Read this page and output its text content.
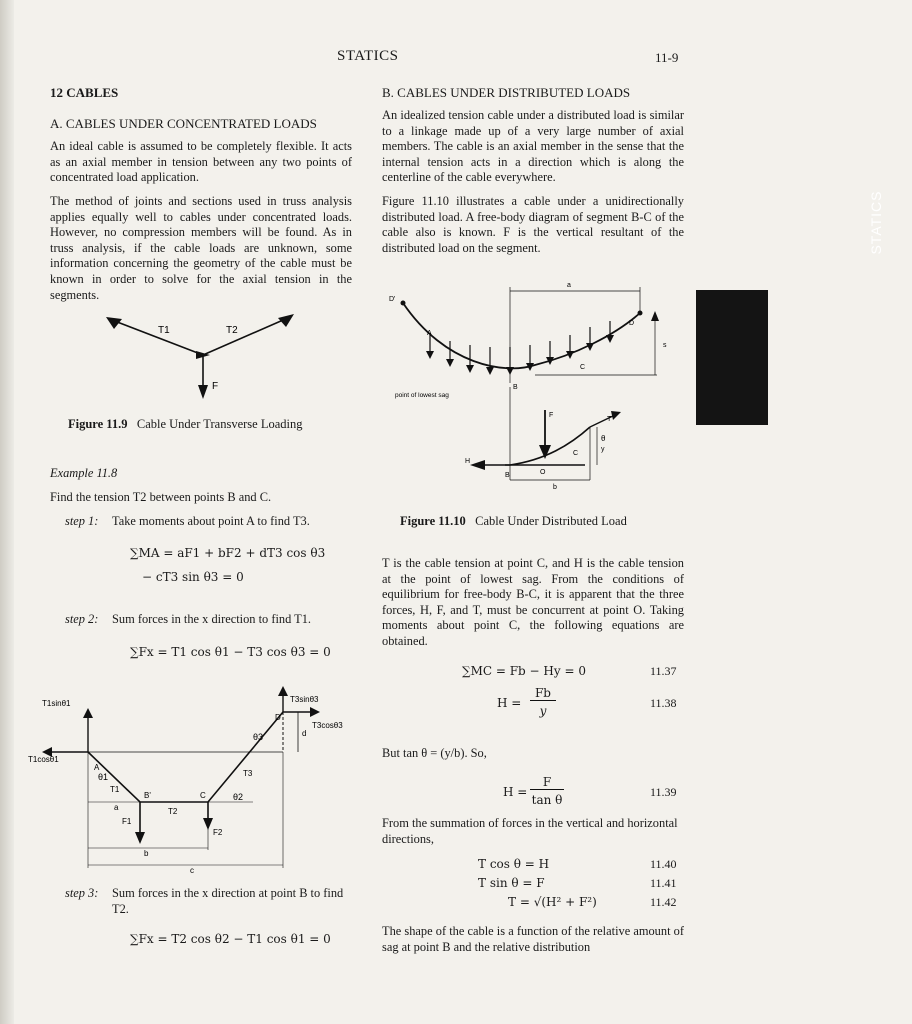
STATICS	11-9
STATICS
12 CABLES
A. CABLES UNDER CONCENTRATED LOADS
An ideal cable is assumed to be completely flexible. It acts as an axial member in tension between any two points of concentrated load application.
The method of joints and sections used in truss analysis applies equally well to cables under concentrated loads. However, no compression members will be found. As in truss analysis, if the cable loads are unknown, some information concerning the geometry of the cable must be known in order to solve for the axial tension in the segments.
T1	T2
F
Figure 11.9 Cable Under Transverse Loading
Example 11.8
Find the tension T2 between points B and C.
step 1: Take moments about point A to find T3.
∑MA = aF1 + bF2 + dT3 cos θ3
− cT3 sin θ3 = 0
step 2: Sum forces in the x direction to find T1.
∑Fx = T1 cos θ1 − T3 cos θ3 = 0
T1sinθ1
T1cosθ1
T3sinθ3
T3cosθ3
A
B'	C
D
d
θ1
θ2
θ3
T1
T2
T3
F1
F2
a
b
c
step 3: Sum forces in the x direction at point B to find T2.
∑Fx = T2 cos θ2 − T1 cos θ1 = 0
B. CABLES UNDER DISTRIBUTED LOADS
An idealized tension cable under a distributed load is similar to a linkage made up of a very large number of axial members. The cable is an axial member in the sense that the internal tension acts in a direction which is along the centerline of the cable everywhere.
Figure 11.10 illustrates a cable under a unidirectionally distributed load. A free-body diagram of segment B-C of the cable also is known. F is the vertical resultant of the distributed load on the segment.
a
D'
A
D
s
C
B
point of lowest sag
F
T
θ
C
H
B	O
y
b
Figure 11.10 Cable Under Distributed Load
T is the cable tension at point C, and H is the cable tension at the point of lowest sag. From the conditions of equilibrium for free-body B-C, it is apparent that the three forces, H, F, and T, must be concurrent at point O. Taking moments about point C, the following equations are obtained.
∑MC = Fb − Hy = 0	11.37
H =
Fb
y
11.38
But tan θ = (y/b). So,
H =
F
tan θ
11.39
From the summation of forces in the vertical and horizontal directions,
T cos θ = H	11.40
T sin θ = F	11.41
T = √(H² + F²)	11.42
The shape of the cable is a function of the relative amount of sag at point B and the relative distribution
